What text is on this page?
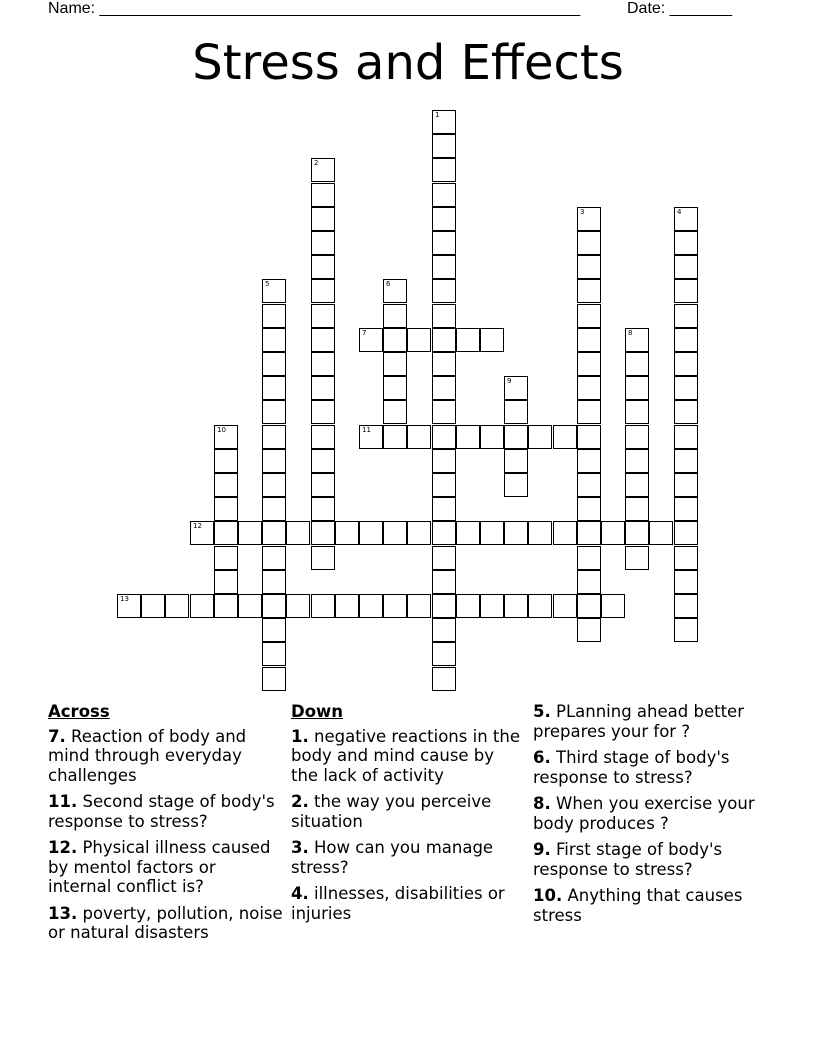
Name: ______________________________________________________	Date: _______
Stress and Effects
1
2
3	4
5	6
7	8
9
10	11
12
13
Across
7. Reaction of body and mind through everyday challenges
11. Second stage of body's response to stress?
12. Physical illness caused by mentol factors or internal conflict is?
13. poverty, pollution, noise or natural disasters
Down
1. negative reactions in the body and mind cause by the lack of activity
2. the way you perceive situation
3. How can you manage stress?
4. illnesses, disabilities or injuries
5. PLanning ahead better prepares your for ?
6. Third stage of body's response to stress?
8. When you exercise your body produces ?
9. First stage of body's response to stress?
10. Anything that causes stress
